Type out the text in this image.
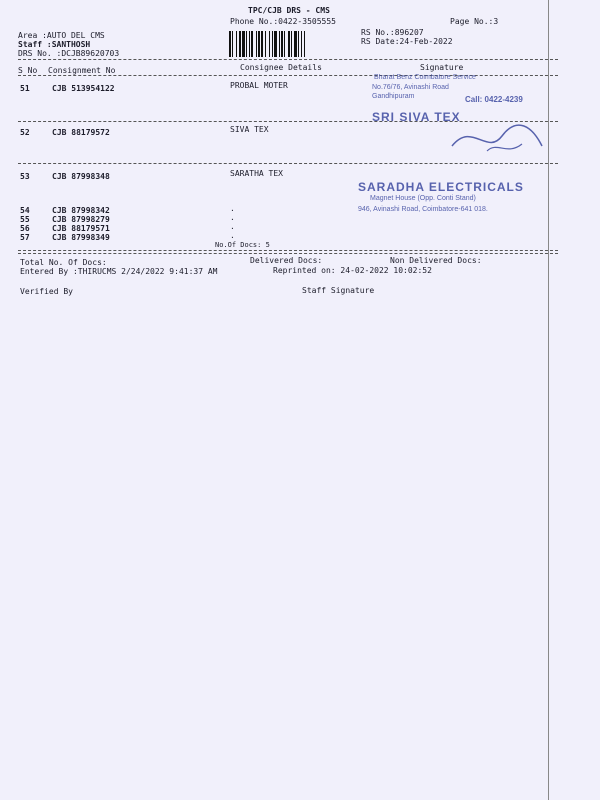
TPC/CJB DRS - CMS
Phone No.:0422-3505555	Page No.:3
Area :AUTO DEL CMS
Staff :SANTHOSH
DRS No. :DCJB89620703
RS No.:896207
RS Date:24-Feb-2022
S No Consignment No	Consignee Details	Signature
51	CJB 513954122	PROBAL MOTER
52	CJB 88179572	SIVA TEX
53	CJB 87998348	SARATHA TEX
54	CJB 87998342	.
55	CJB 87998279	.
56	CJB 88179571	.
57	CJB 87998349	.
No.Of Docs: 5
Total No. Of Docs:	Delivered Docs:	Non Delivered Docs:
Entered By :THIRUCMS 2/24/2022 9:41:37 AM	Reprinted on: 24-02-2022 10:02:52
Verified By	Staff Signature
Bharat Benz Coimbatore Service
No.76/76, Avinashi Road
Gandhipuram	Call: 0422-4239
SRI SIVA TEX
SARADHA ELECTRICALS
Magnet House (Opp. Conti Stand)
946, Avinashi Road, Coimbatore-641 018.
